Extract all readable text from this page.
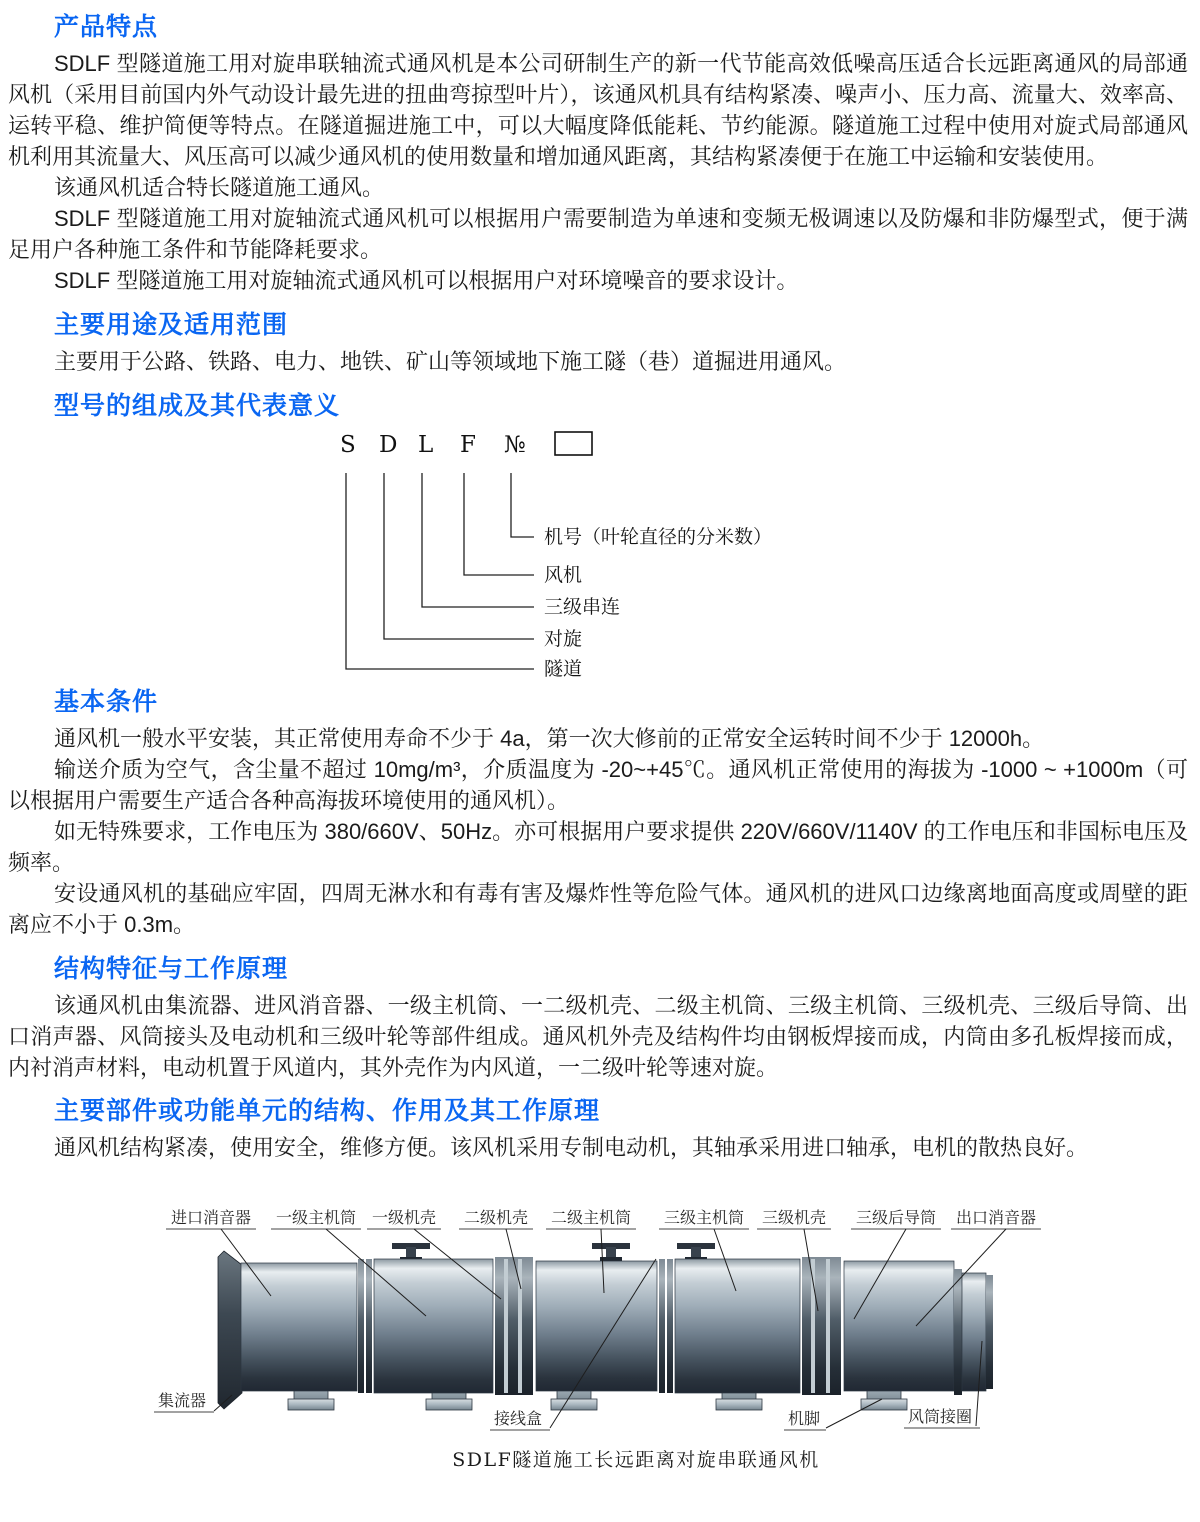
产品特点

SDLF 型隧道施工用对旋串联轴流式通风机是本公司研制生产的新一代节能高效低噪高压适合长远距离通风的局部通风机（采用目前国内外气动设计最先进的扭曲弯掠型叶片），该通风机具有结构紧凑、噪声小、压力高、流量大、效率高、运转平稳、维护简便等特点。在隧道掘进施工中，可以大幅度降低能耗、节约能源。隧道施工过程中使用对旋式局部通风机利用其流量大、风压高可以减少通风机的使用数量和增加通风距离，其结构紧凑便于在施工中运输和安装使用。

该通风机适合特长隧道施工通风。

SDLF 型隧道施工用对旋轴流式通风机可以根据用户需要制造为单速和变频无极调速以及防爆和非防爆型式，便于满足用户各种施工条件和节能降耗要求。

SDLF 型隧道施工用对旋轴流式通风机可以根据用户对环境噪音的要求设计。

主要用途及适用范围

主要用于公路、铁路、电力、地铁、矿山等领域地下施工隧（巷）道掘进用通风。

型号的组成及其代表意义
S D L F №
机号（叶轮直径的分米数）
风机
三级串连
对旋
隧道
基本条件

通风机一般水平安装，其正常使用寿命不少于 4a，第一次大修前的正常安全运转时间不少于 12000h。

输送介质为空气，含尘量不超过 10mg/m³，介质温度为 -20~+45℃。通风机正常使用的海拔为 -1000 ~ +1000m（可以根据用户需要生产适合各种高海拔环境使用的通风机）。

如无特殊要求，工作电压为 380/660V、50Hz。亦可根据用户要求提供 220V/660V/1140V 的工作电压和非国标电压及频率。

安设通风机的基础应牢固，四周无淋水和有毒有害及爆炸性等危险气体。通风机的进风口边缘离地面高度或周壁的距离应不小于 0.3m。

结构特征与工作原理

该通风机由集流器、进风消音器、一级主机筒、一二级机壳、二级主机筒、三级主机筒、三级机壳、三级后导筒、出口消声器、风筒接头及电动机和三级叶轮等部件组成。通风机外壳及结构件均由钢板焊接而成，内筒由多孔板焊接而成，内衬消声材料，电动机置于风道内，其外壳作为内风道，一二级叶轮等速对旋。

主要部件或功能单元的结构、作用及其工作原理

通风机结构紧凑，使用安全，维修方便。该风机采用专制电动机，其轴承采用进口轴承，电机的散热良好。

进口消音器 一级主机筒 一级机壳 二级机壳 二级主机筒 三级主机筒 三级机壳 三级后导筒 出口消音器
集流器
接线盒	机脚	风筒接圈
SDLF隧道施工长远距离对旋串联通风机
